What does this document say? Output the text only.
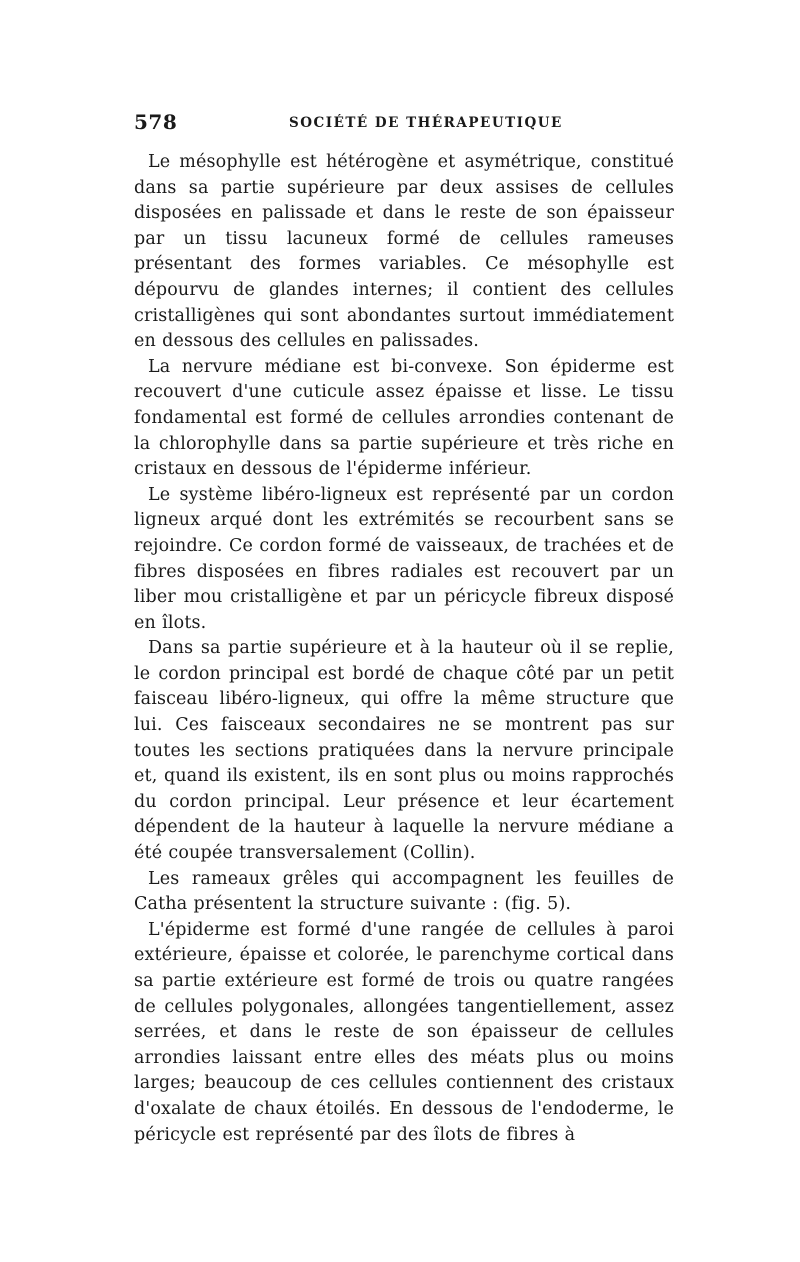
578	SOCIÉTÉ DE THÉRAPEUTIQUE

Le mésophylle est hétérogène et asymétrique, constitué dans sa partie supérieure par deux assises de cellules disposées en palissade et dans le reste de son épaisseur par un tissu lacuneux formé de cellules rameuses présentant des formes variables. Ce mésophylle est dépourvu de glandes internes; il contient des cellules cristalligènes qui sont abondantes surtout immédiatement en dessous des cellules en palissades.

La nervure médiane est bi-convexe. Son épiderme est recouvert d'une cuticule assez épaisse et lisse. Le tissu fondamental est formé de cellules arrondies contenant de la chlorophylle dans sa partie supérieure et très riche en cristaux en dessous de l'épiderme inférieur.

Le système libéro-ligneux est représenté par un cordon ligneux arqué dont les extrémités se recourbent sans se rejoindre. Ce cordon formé de vaisseaux, de trachées et de fibres disposées en fibres radiales est recouvert par un liber mou cristalligène et par un péricycle fibreux disposé en îlots.

Dans sa partie supérieure et à la hauteur où il se replie, le cordon principal est bordé de chaque côté par un petit faisceau libéro-ligneux, qui offre la même structure que lui. Ces faisceaux secondaires ne se montrent pas sur toutes les sections pratiquées dans la nervure principale et, quand ils existent, ils en sont plus ou moins rapprochés du cordon principal. Leur présence et leur écartement dépendent de la hauteur à laquelle la nervure médiane a été coupée transversalement (Collin).

Les rameaux grêles qui accompagnent les feuilles de Catha présentent la structure suivante : (fig. 5).

L'épiderme est formé d'une rangée de cellules à paroi extérieure, épaisse et colorée, le parenchyme cortical dans sa partie extérieure est formé de trois ou quatre rangées de cellules polygonales, allongées tangentiellement, assez serrées, et dans le reste de son épaisseur de cellules arrondies laissant entre elles des méats plus ou moins larges; beaucoup de ces cellules contiennent des cristaux d'oxalate de chaux étoilés. En dessous de l'endoderme, le péricycle est représenté par des îlots de fibres à
